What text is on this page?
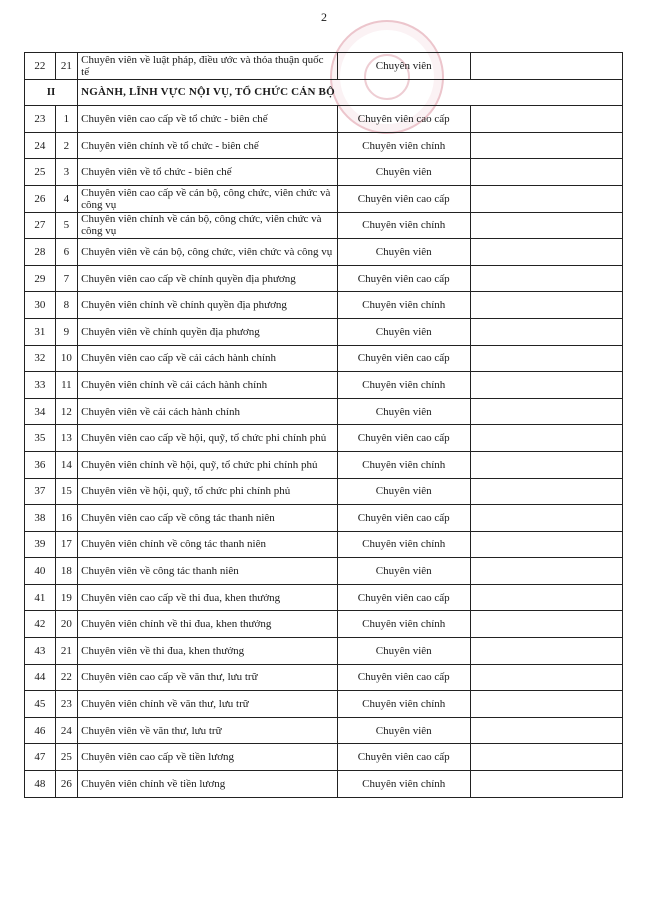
2
22	21	Chuyên viên về luật pháp, điều ước và thỏa thuận quốc tế	Chuyên viên	
II		NGÀNH, LĨNH VỰC NỘI VỤ, TỔ CHỨC CÁN BỘ		
23	1	Chuyên viên cao cấp về tổ chức - biên chế	Chuyên viên cao cấp	
24	2	Chuyên viên chính về tổ chức - biên chế	Chuyên viên chính	
25	3	Chuyên viên về tổ chức - biên chế	Chuyên viên	
26	4	Chuyên viên cao cấp về cán bộ, công chức, viên chức và công vụ	Chuyên viên cao cấp	
27	5	Chuyên viên chính về cán bộ, công chức, viên chức và công vụ	Chuyên viên chính	
28	6	Chuyên viên về cán bộ, công chức, viên chức và công vụ	Chuyên viên	
29	7	Chuyên viên cao cấp về chính quyền địa phương	Chuyên viên cao cấp	
30	8	Chuyên viên chính về chính quyền địa phương	Chuyên viên chính	
31	9	Chuyên viên về chính quyền địa phương	Chuyên viên	
32	10	Chuyên viên cao cấp về cải cách hành chính	Chuyên viên cao cấp	
33	11	Chuyên viên chính về cải cách hành chính	Chuyên viên chính	
34	12	Chuyên viên về cải cách hành chính	Chuyên viên	
35	13	Chuyên viên cao cấp về hội, quỹ, tổ chức phi chính phủ	Chuyên viên cao cấp	
36	14	Chuyên viên chính về hội, quỹ, tổ chức phi chính phủ	Chuyên viên chính	
37	15	Chuyên viên về hội, quỹ, tổ chức phi chính phủ	Chuyên viên	
38	16	Chuyên viên cao cấp về công tác thanh niên	Chuyên viên cao cấp	
39	17	Chuyên viên chính về công tác thanh niên	Chuyên viên chính	
40	18	Chuyên viên về công tác thanh niên	Chuyên viên	
41	19	Chuyên viên cao cấp về thi đua, khen thưởng	Chuyên viên cao cấp	
42	20	Chuyên viên chính về thi đua, khen thưởng	Chuyên viên chính	
43	21	Chuyên viên về thi đua, khen thưởng	Chuyên viên	
44	22	Chuyên viên cao cấp về văn thư, lưu trữ	Chuyên viên cao cấp	
45	23	Chuyên viên chính về văn thư, lưu trữ	Chuyên viên chính	
46	24	Chuyên viên về văn thư, lưu trữ	Chuyên viên	
47	25	Chuyên viên cao cấp về tiền lương	Chuyên viên cao cấp	
48	26	Chuyên viên chính về tiền lương	Chuyên viên chính	
